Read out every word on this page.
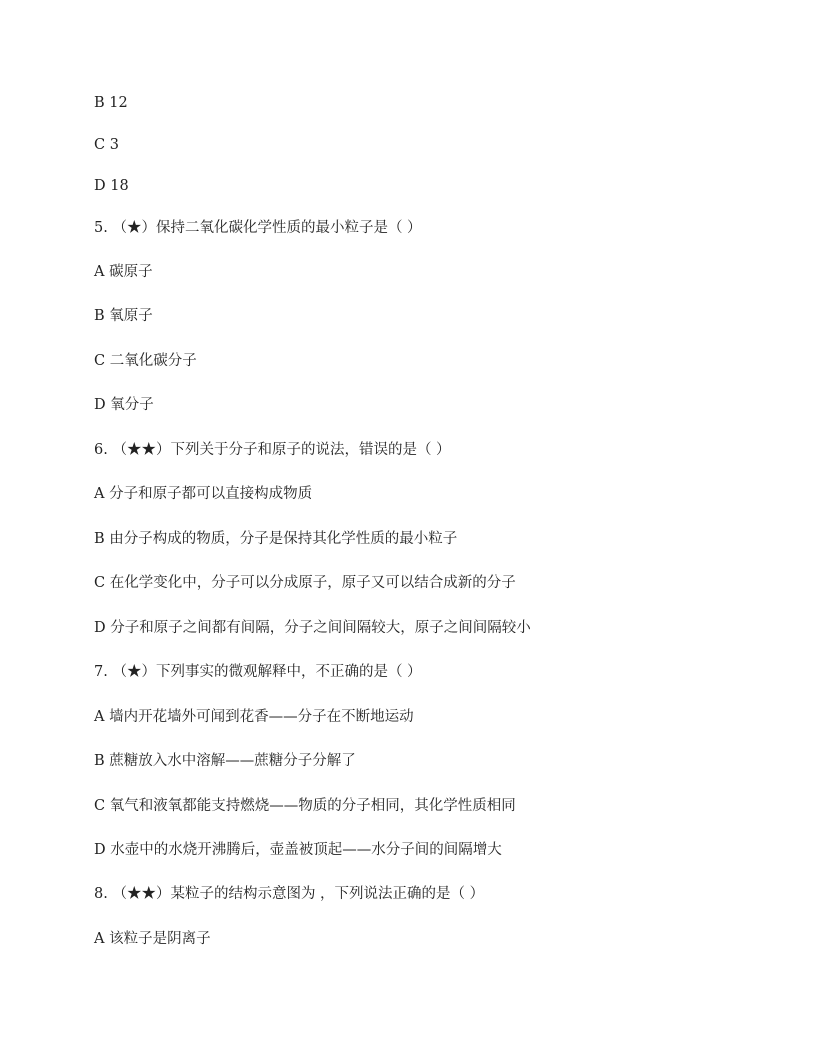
B 12
C 3
D 18
5. （★）保持二氧化碳化学性质的最小粒子是（ ）
A 碳原子
B 氧原子
C 二氧化碳分子
D 氧分子
6. （★★）下列关于分子和原子的说法，错误的是（ ）
A 分子和原子都可以直接构成物质
B 由分子构成的物质，分子是保持其化学性质的最小粒子
C 在化学变化中，分子可以分成原子，原子又可以结合成新的分子
D 分子和原子之间都有间隔，分子之间间隔较大，原子之间间隔较小
7. （★）下列事实的微观解释中，不正确的是（ ）
A 墙内开花墙外可闻到花香——分子在不断地运动
B 蔗糖放入水中溶解——蔗糖分子分解了
C 氧气和液氧都能支持燃烧——物质的分子相同，其化学性质相同
D 水壶中的水烧开沸腾后，壶盖被顶起——水分子间的间隔增大
8. （★★）某粒子的结构示意图为 ，下列说法正确的是（ ）
A 该粒子是阴离子
